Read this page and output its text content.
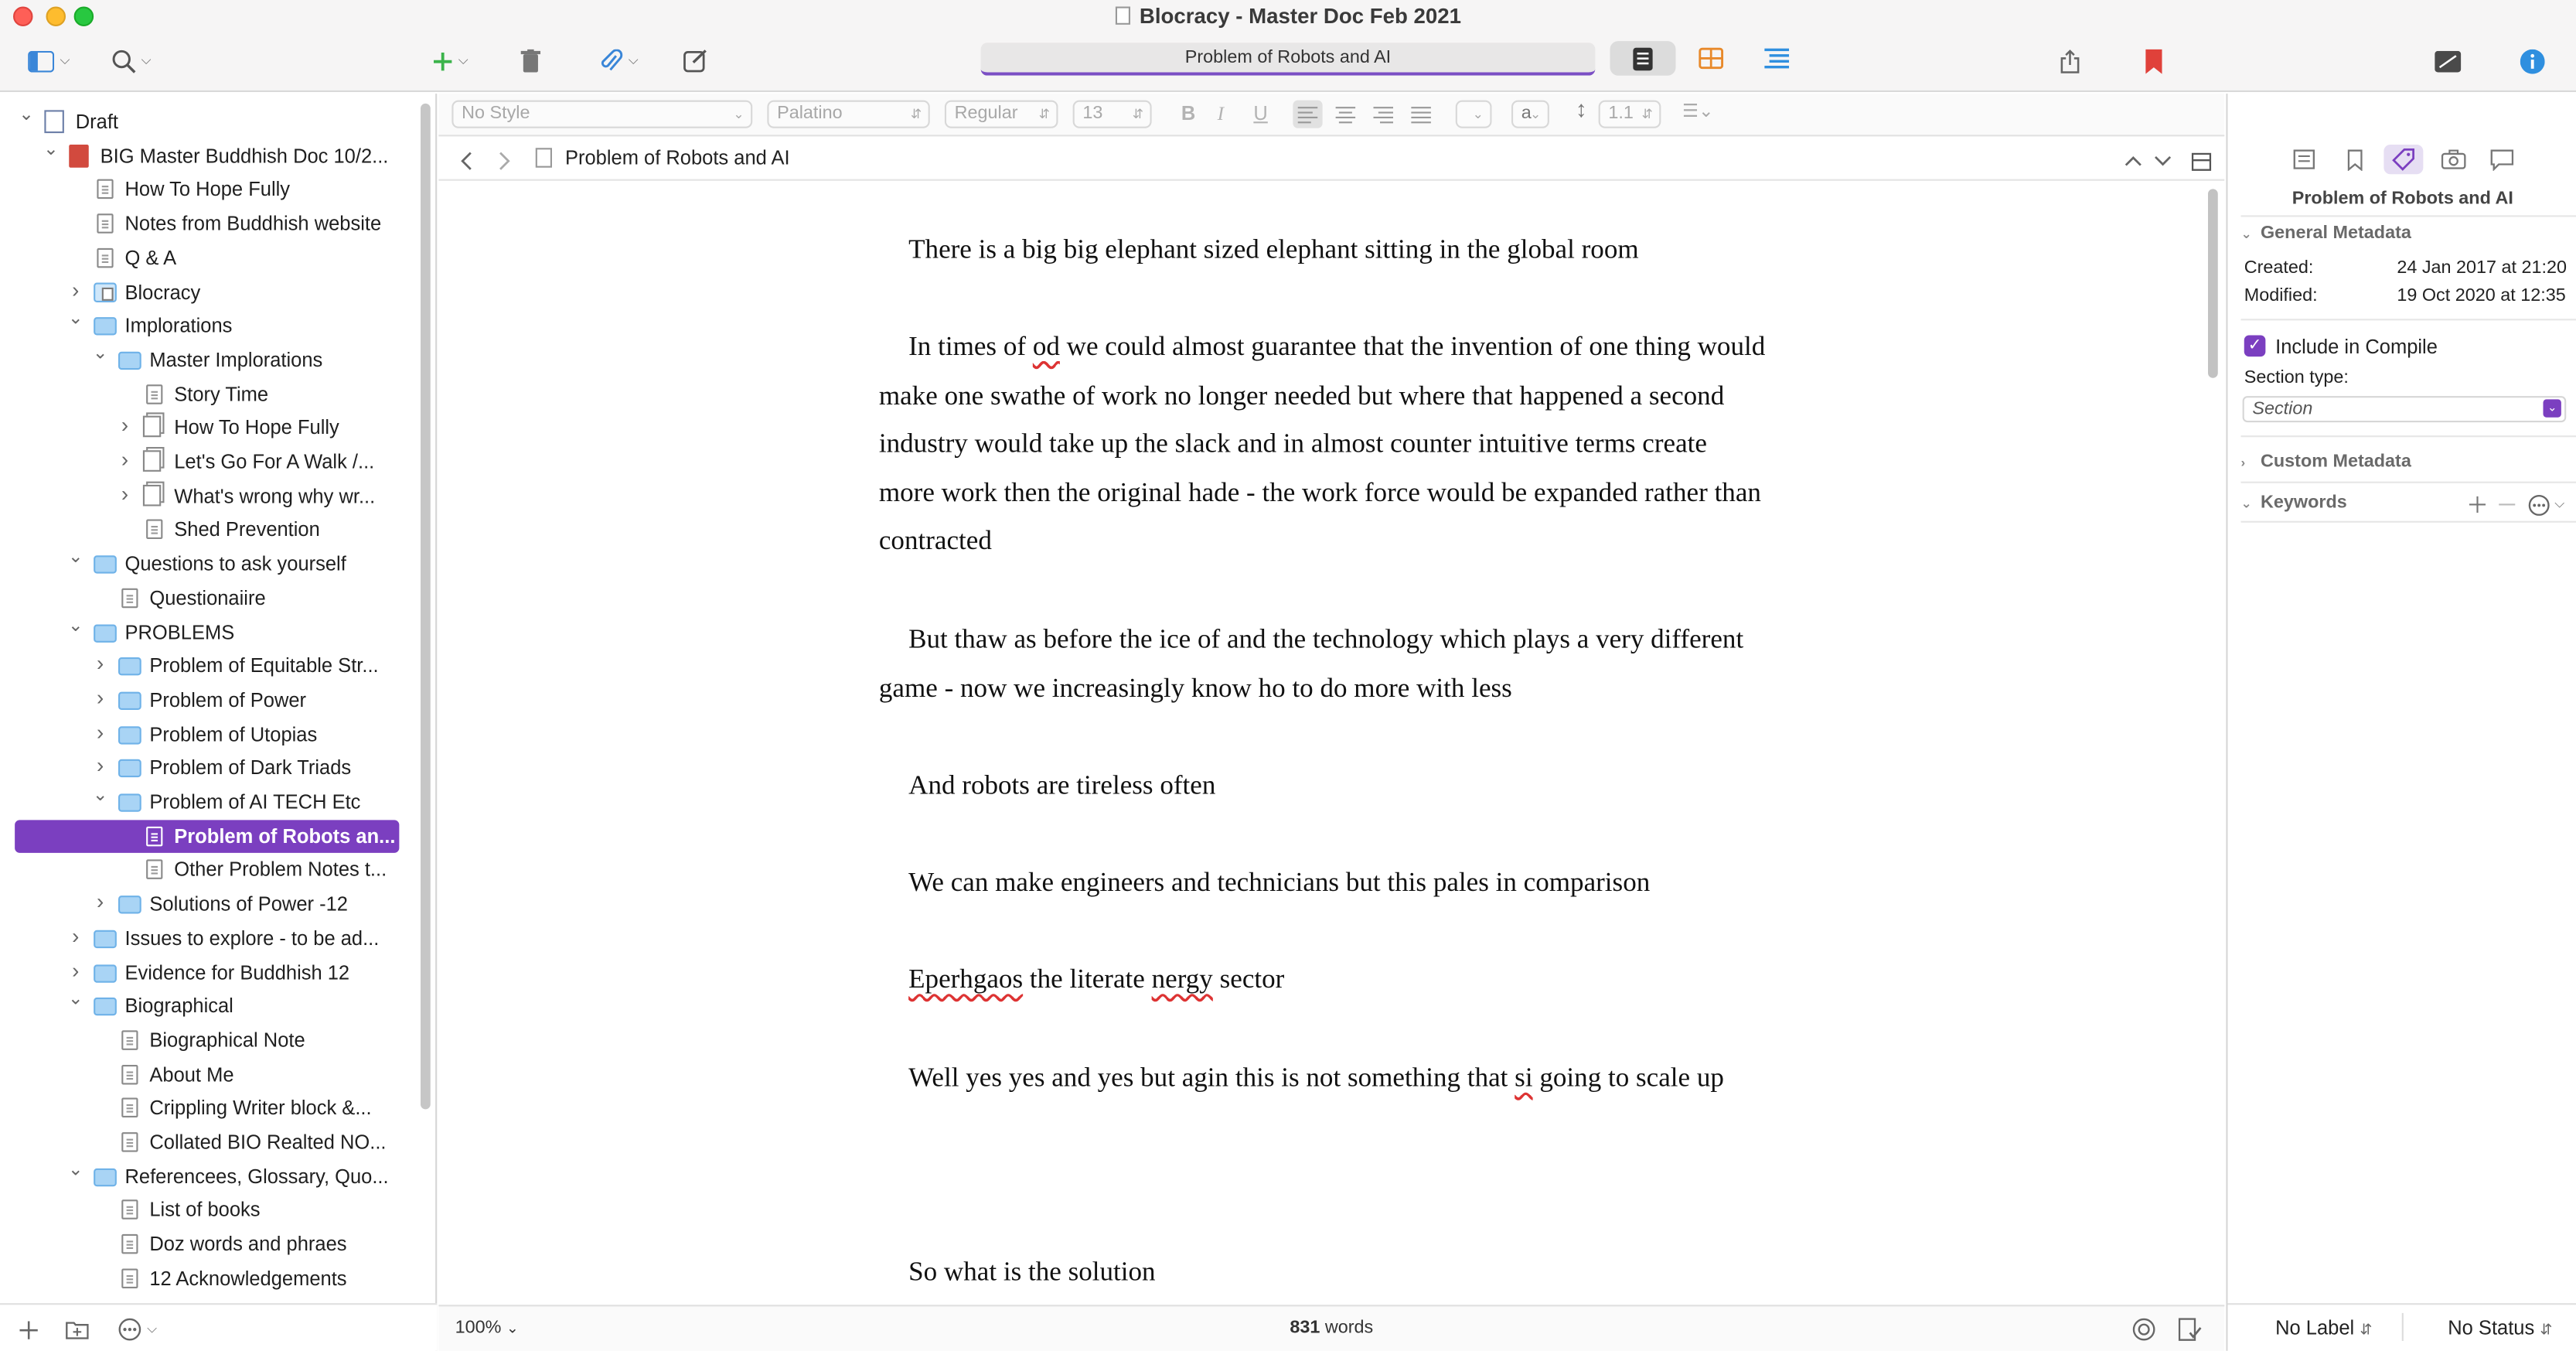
Blocracy - Master Doc Feb 2021
⌵	⌵	⌵	⌵	Problem of Robots and AI
⌄	Draft
⌄	BIG Master Buddhish Doc 10/2...
How To Hope Fully
Notes from Buddhish website
Q & A
›	Blocracy
⌄	Implorations
⌄	Master Implorations
Story Time
›	How To Hope Fully
›	Let's Go For A Walk /...
›	What's wrong why wr...
Shed Prevention
⌄	Questions to ask yourself
Questionaiire
⌄	PROBLEMS
›	Problem of Equitable Str...
›	Problem of Power
›	Problem of Utopias
›	Problem of Dark Triads
⌄	Problem of AI TECH Etc
Problem of Robots an...
Other Problem Notes t...
›	Solutions of Power -12
›	Issues to explore - to be ad...
›	Evidence for Buddhish 12
⌄	Biographical
Biographical Note
About Me
Crippling Writer block &...
Collated BIO Realted NO...
⌄	Referencees, Glossary, Quo...
List of books
Doz words and phraes
12 Acknowledgements
⌵
No Style	⌄	Palatino	⇵	Regular	⇵	13	⇵	B I	U	⌄	a
⌄	↕	1.1 ⇵	☰⌄
Problem of Robots and AI
There is a big big elephant sized elephant sitting in the global room
In times of od we could almost guarantee that the invention of one thing would make one swathe of work no longer needed but where that happened a second industry would take up the slack and in almost counter intuitive terms create more work then the original hade - the work force would be expanded rather than contracted
But thaw as before the ice of and the technology which plays a very different game - now we increasingly know ho to do more with less
And robots are tireless often
We can make engineers and technicians but this pales in comparison
Eperhgaos the literate nergy sector
Well yes yes and yes but agin this is not something that si going to scale up
So what is the solution
100% ⌄	831 words
Problem of Robots and AI
⌄ General Metadata
Created:	24 Jan 2017 at 21:20
Modified:	19 Oct 2020 at 12:35
✓	Include in Compile
Section type:
Section	⌄
› Custom Metadata
⌄ Keywords	⌵
No Label ⇵	No Status ⇵
